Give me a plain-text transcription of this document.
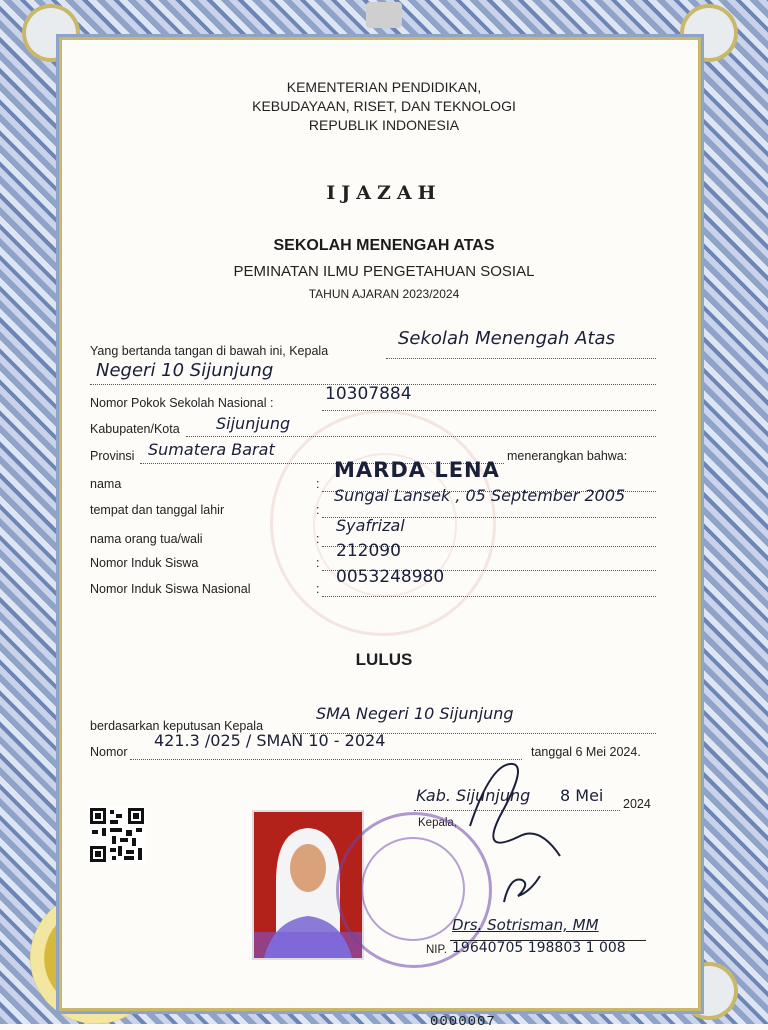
KEMENTERIAN PENDIDIKAN,
KEBUDAYAAN, RISET, DAN TEKNOLOGI
REPUBLIK INDONESIA
IJAZAH
SEKOLAH MENENGAH ATAS
PEMINATAN ILMU PENGETAHUAN SOSIAL
TAHUN AJARAN 2023/2024
Yang bertanda tangan di bawah ini, Kepala
Sekolah Menengah Atas
Negeri 10 Sijunjung
Nomor Pokok Sekolah Nasional :	10307884
Kabupaten/Kota Sijunjung
Provinsi Sumatera Barat	menerangkan bahwa:
nama	:
MARDA LENA
tempat dan tanggal lahir	:
Sungai Lansek , 05 September 2005
nama orang tua/wali	:
Syafrizal
Nomor Induk Siswa	:
212090
Nomor Induk Siswa Nasional	:
0053248980
LULUS
berdasarkan keputusan Kepala
SMA Negeri 10 Sijunjung
Nomor
421.3 /025 / SMAN 10 - 2024
tanggal 6 Mei 2024.
Kab. Sijunjung 8 Mei 2024
Kepala,
Drs. Sotrisman, MM
NIP. 19640705 198803 1 008
0000007
